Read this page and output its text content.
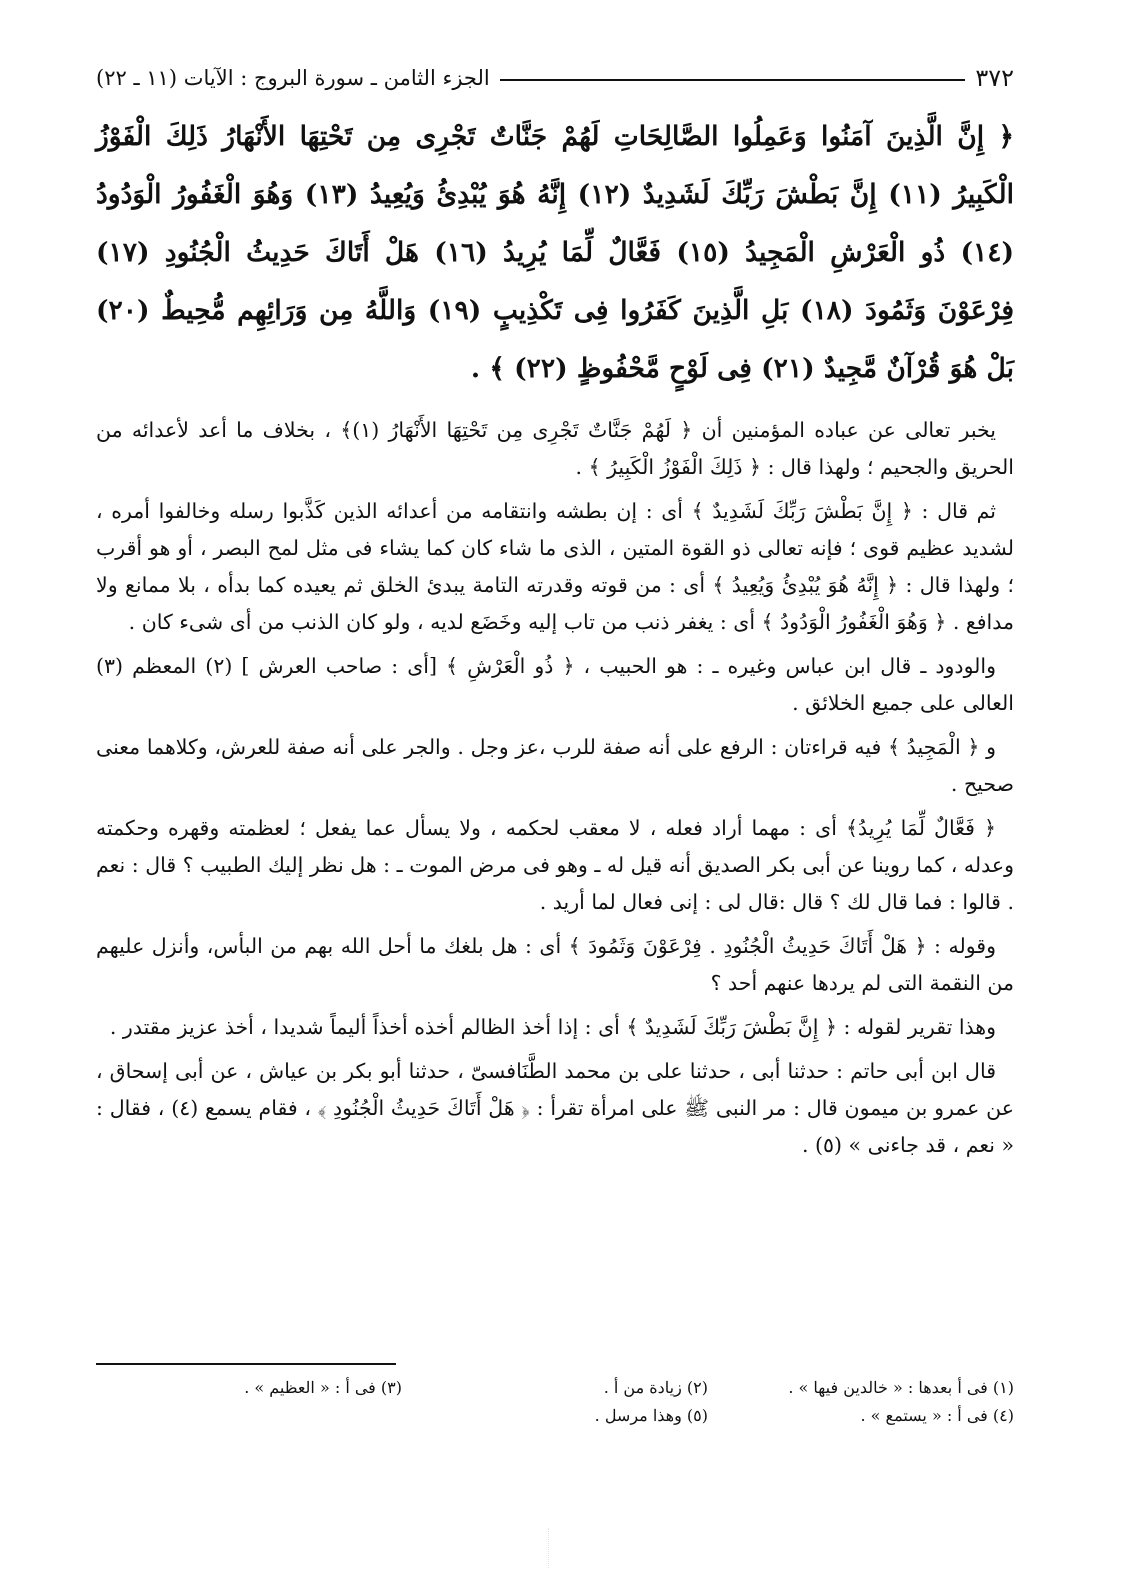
٣٧٢
الجزء الثامن ـ سورة البروج : الآيات (١١ ـ ٢٢)
﴿ إِنَّ الَّذِينَ آمَنُوا وَعَمِلُوا الصَّالِحَاتِ لَهُمْ جَنَّاتٌ تَجْرِى مِن تَحْتِهَا الأَنْهَارُ ذَلِكَ الْفَوْزُ الْكَبِيرُ (١١) إِنَّ بَطْشَ رَبِّكَ لَشَدِيدٌ (١٢) إِنَّهُ هُوَ يُبْدِئُ وَيُعِيدُ (١٣) وَهُوَ الْغَفُورُ الْوَدُودُ (١٤) ذُو الْعَرْشِ الْمَجِيدُ (١٥) فَعَّالٌ لِّمَا يُرِيدُ (١٦) هَلْ أَتَاكَ حَدِيثُ الْجُنُودِ (١٧) فِرْعَوْنَ وَثَمُودَ (١٨) بَلِ الَّذِينَ كَفَرُوا فِى تَكْذِيبٍ (١٩) وَاللَّهُ مِن وَرَائِهِم مُّحِيطٌ (٢٠) بَلْ هُوَ قُرْآنٌ مَّجِيدٌ (٢١) فِى لَوْحٍ مَّحْفُوظٍ (٢٢) ﴾ .

يخبر تعالى عن عباده المؤمنين أن ﴿ لَهُمْ جَنَّاتٌ تَجْرِى مِن تَحْتِهَا الأَنْهَارُ (١)﴾ ، بخلاف ما أعد لأعدائه من الحريق والجحيم ؛ ولهذا قال : ﴿ ذَلِكَ الْفَوْزُ الْكَبِيرُ ﴾ .

ثم قال : ﴿ إِنَّ بَطْشَ رَبِّكَ لَشَدِيدٌ ﴾ أى : إن بطشه وانتقامه من أعدائه الذين كَذَّبوا رسله وخالفوا أمره ، لشديد عظيم قوى ؛ فإنه تعالى ذو القوة المتين ، الذى ما شاء كان كما يشاء فى مثل لمح البصر ، أو هو أقرب ؛ ولهذا قال : ﴿ إِنَّهُ هُوَ يُبْدِئُ وَيُعِيدُ ﴾ أى : من قوته وقدرته التامة يبدئ الخلق ثم يعيده كما بدأه ، بلا ممانع ولا مدافع . ﴿ وَهُوَ الْغَفُورُ الْوَدُودُ ﴾ أى : يغفر ذنب من تاب إليه وخَضَع لديه ، ولو كان الذنب من أى شىء كان .

والودود ـ قال ابن عباس وغيره ـ : هو الحبيب ، ﴿ ذُو الْعَرْشِ ﴾ [أى : صاحب العرش ] (٢) المعظم (٣) العالى على جميع الخلائق .

و ﴿ الْمَجِيدُ ﴾ فيه قراءتان : الرفع على أنه صفة للرب ،عز وجل . والجر على أنه صفة للعرش، وكلاهما معنى صحيح .

﴿ فَعَّالٌ لِّمَا يُرِيدُ﴾ أى : مهما أراد فعله ، لا معقب لحكمه ، ولا يسأل عما يفعل ؛ لعظمته وقهره وحكمته وعدله ، كما روينا عن أبى بكر الصديق أنه قيل له ـ وهو فى مرض الموت ـ : هل نظر إليك الطبيب ؟ قال : نعم . قالوا : فما قال لك ؟ قال :قال لى : إنى فعال لما أريد .

وقوله : ﴿ هَلْ أَتَاكَ حَدِيثُ الْجُنُودِ . فِرْعَوْنَ وَثَمُودَ ﴾ أى : هل بلغك ما أحل الله بهم من البأس، وأنزل عليهم من النقمة التى لم يردها عنهم أحد ؟

وهذا تقرير لقوله : ﴿ إِنَّ بَطْشَ رَبِّكَ لَشَدِيدٌ ﴾ أى : إذا أخذ الظالم أخذه أخذاً أليماً شديدا ، أخذ عزيز مقتدر .

قال ابن أبى حاتم : حدثنا أبى ، حدثنا على بن محمد الطَّنَافسىّ ، حدثنا أبو بكر بن عياش ، عن أبى إسحاق ، عن عمرو بن ميمون قال : مر النبى ﷺ على امرأة تقرأ : ﴿ هَلْ أَتَاكَ حَدِيثُ الْجُنُودِ ﴾ ، فقام يسمع (٤) ، فقال : « نعم ، قد جاءنى » (٥) .

(١) فى أ بعدها : « خالدين فيها » .
(٢) زيادة من أ .
(٣) فى أ : « العظيم » .
(٤) فى أ : « يستمع » .
(٥) وهذا مرسل .
